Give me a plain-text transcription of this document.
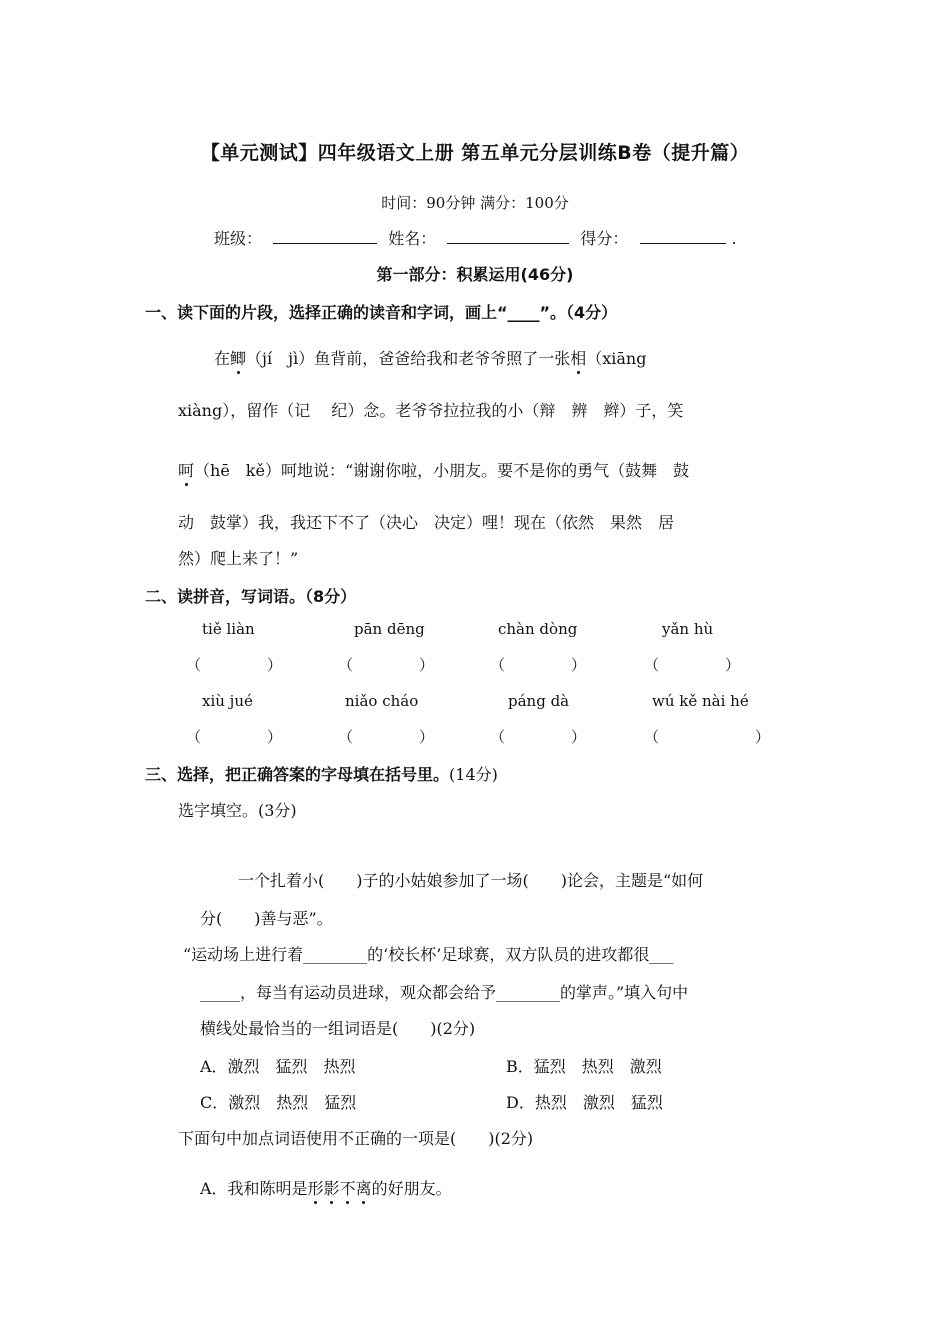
【单元测试】四年级语文上册 第五单元分层训练B卷（提升篇）
时间：90分钟 满分：100分
班级：	姓名：	得分：	.
第一部分：积累运用(46分)
一、读下面的片段，选择正确的读音和字词，画上“____”。（4分）
在鲫（jí　jì）鱼背前，爸爸给我和老爷爷照了一张相（xiāng
xiàng），留作（记　 纪）念。老爷爷拉拉我的小（辩　辨　辫）子，笑
呵（hē　kě）呵地说：“谢谢你啦，小朋友。要不是你的勇气（鼓舞　鼓
动　鼓掌）我，我还下不了（决心　决定）哩！现在（依然　果然　居
然）爬上来了！”
二、读拼音，写词语。（8分）
tiě liàn	pān dēng	chàn dòng	yǎn hù
（	）	（	）	（	）	（	）
xiù jué	niǎo cháo	páng dà	wú kě nài hé
（	）	（	）	（	）	（	）
三、选择，把正确答案的字母填在括号里。(14分)
选字填空。(3分)
一个扎着小(　　)子的小姑娘参加了一场(　　)论会，主题是“如何
分(　　)善与恶”。
“运动场上进行着________的‘校长杯’足球赛，双方队员的进攻都很___
_____，每当有运动员进球，观众都会给予________的掌声。”填入句中
横线处最恰当的一组词语是(　　)(2分)
A．激烈　猛烈　热烈	B．猛烈　热烈　激烈
C．激烈　热烈　猛烈	D．热烈　激烈　猛烈
下面句中加点词语使用不正确的一项是(　　)(2分)
A．我和陈明是形影不离的好朋友。
